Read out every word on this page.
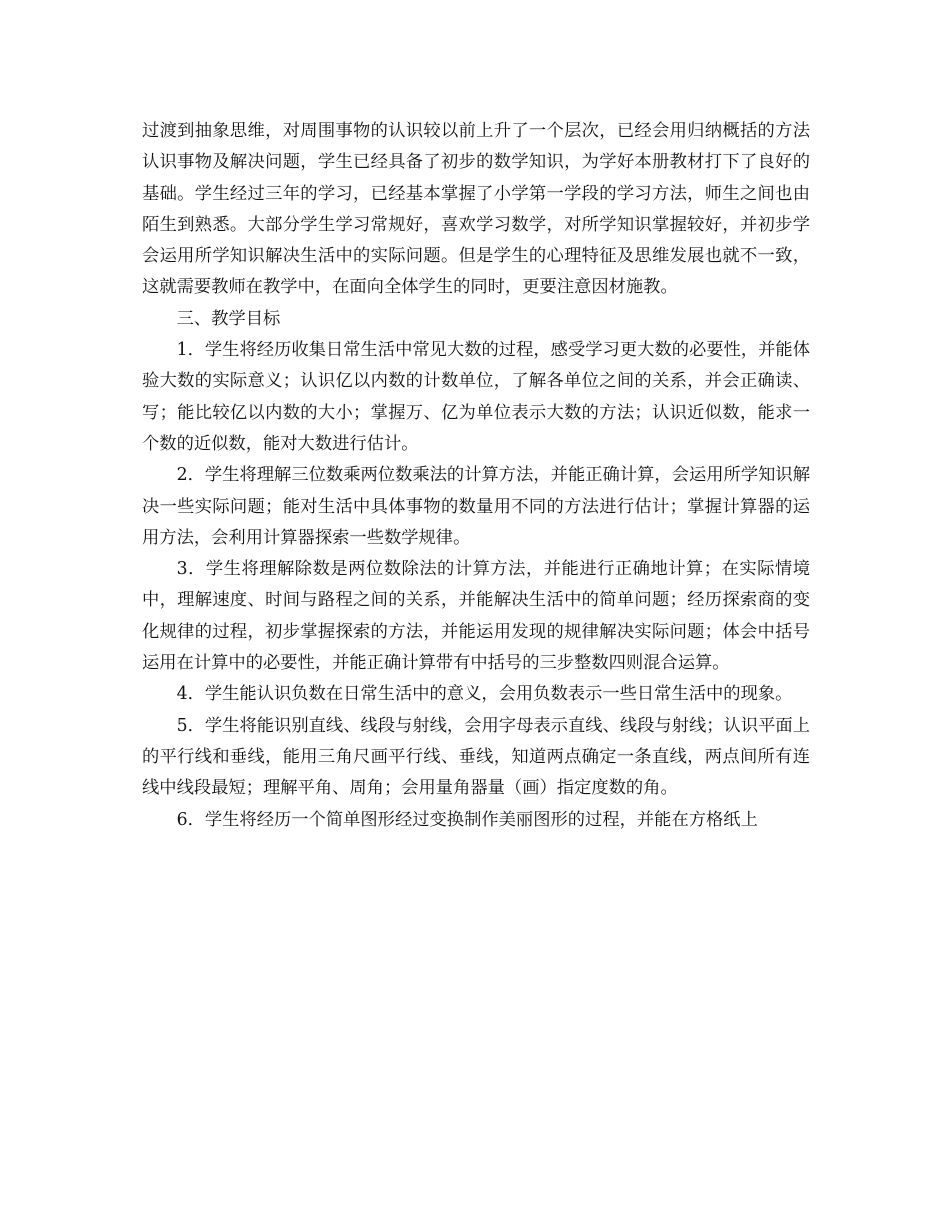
过渡到抽象思维，对周围事物的认识较以前上升了一个层次，已经会用归纳概括的方法认识事物及解决问题，学生已经具备了初步的数学知识，为学好本册教材打下了良好的基础。学生经过三年的学习，已经基本掌握了小学第一学段的学习方法，师生之间也由陌生到熟悉。大部分学生学习常规好，喜欢学习数学，对所学知识掌握较好，并初步学会运用所学知识解决生活中的实际问题。但是学生的心理特征及思维发展也就不一致，这就需要教师在教学中，在面向全体学生的同时，更要注意因材施教。

三、教学目标

1．学生将经历收集日常生活中常见大数的过程，感受学习更大数的必要性，并能体验大数的实际意义；认识亿以内数的计数单位，了解各单位之间的关系，并会正确读、写；能比较亿以内数的大小；掌握万、亿为单位表示大数的方法；认识近似数，能求一个数的近似数，能对大数进行估计。

2．学生将理解三位数乘两位数乘法的计算方法，并能正确计算，会运用所学知识解决一些实际问题；能对生活中具体事物的数量用不同的方法进行估计；掌握计算器的运用方法，会利用计算器探索一些数学规律。

3．学生将理解除数是两位数除法的计算方法，并能进行正确地计算；在实际情境中，理解速度、时间与路程之间的关系，并能解决生活中的简单问题；经历探索商的变化规律的过程，初步掌握探索的方法，并能运用发现的规律解决实际问题；体会中括号运用在计算中的必要性，并能正确计算带有中括号的三步整数四则混合运算。

4．学生能认识负数在日常生活中的意义，会用负数表示一些日常生活中的现象。

5．学生将能识别直线、线段与射线，会用字母表示直线、线段与射线；认识平面上的平行线和垂线，能用三角尺画平行线、垂线，知道两点确定一条直线，两点间所有连线中线段最短；理解平角、周角；会用量角器量（画）指定度数的角。

6．学生将经历一个简单图形经过变换制作美丽图形的过程，并能在方格纸上
